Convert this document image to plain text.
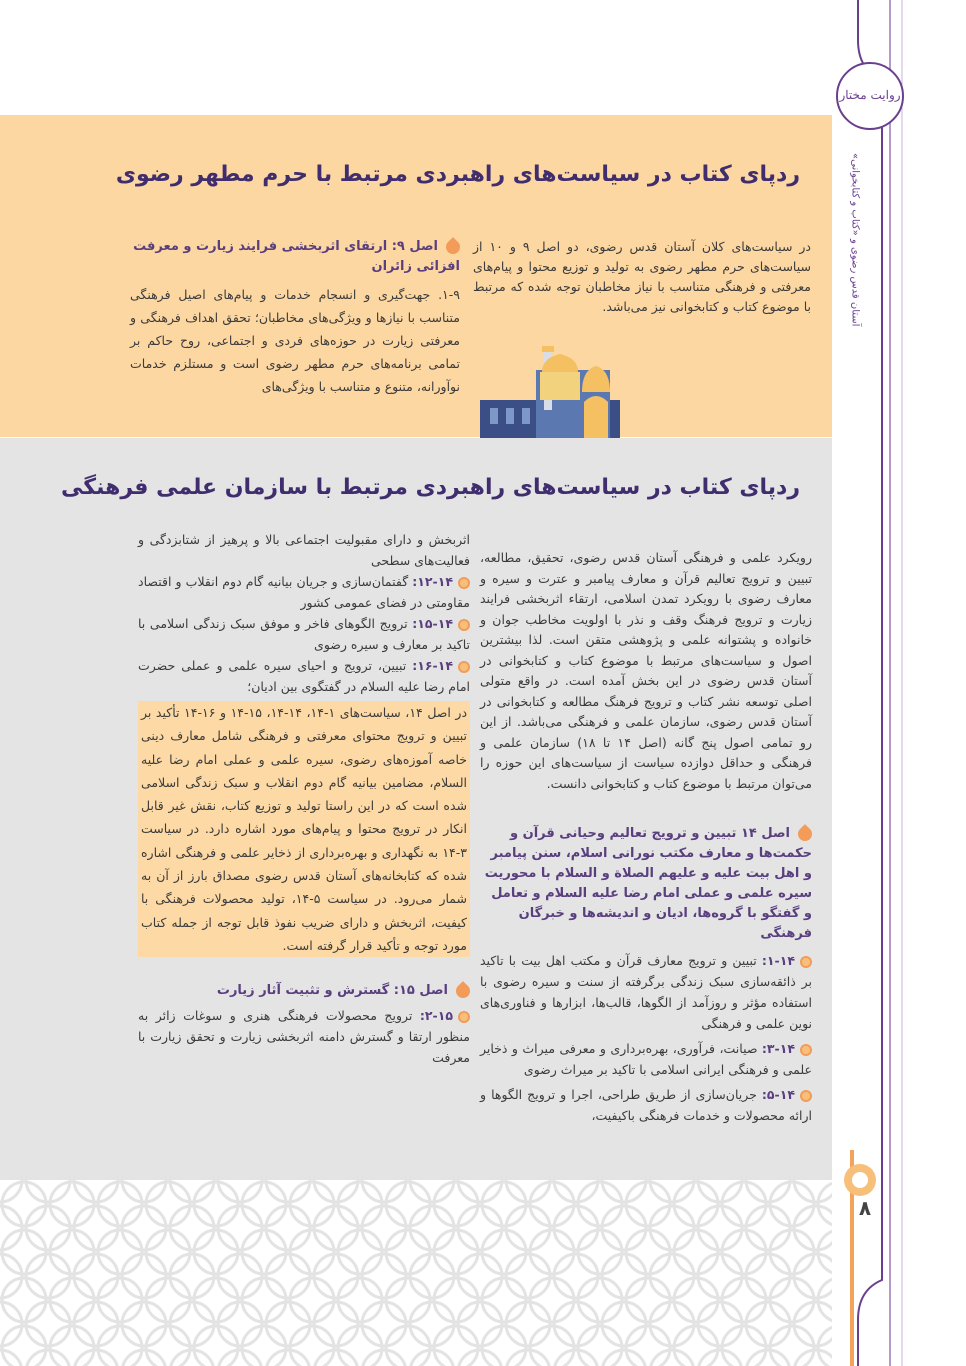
روایت مختار
آستان قدس رضوی و «کتاب و کتابخوانی»
۸
ردپای کتاب در سیاست‌های راهبردی مرتبط با حرم مطهر رضوی
در سیاست‌های کلان آستان قدس رضوی، دو اصل ۹ و ۱۰ از سیاست‌های حرم مطهر رضوی به تولید و توزیع محتوا و پیام‌های معرفتی و فرهنگی متناسب با نیاز مخاطبان توجه شده که مرتبط با موضوع کتاب و کتابخوانی نیز می‌باشد.
اصل ۹: ارتقای اثربخشی فرایند زیارت و معرفت افزائی زائران
۱-۹. جهت‌گیری و انسجام خدمات و پیام‌های اصیل فرهنگی متناسب با نیازها و ویژگی‌های مخاطبان؛ تحقق اهداف فرهنگی و معرفتی زیارت در حوزه‌های فردی و اجتماعی، روح حاکم بر تمامی برنامه‌های حرم مطهر رضوی است و مستلزم خدمات نوآورانه، متنوع و متناسب با ویژگی‌های
ردپای کتاب در سیاست‌های راهبردی مرتبط با سازمان علمی فرهنگی

رویکرد علمی و فرهنگی آستان قدس رضوی، تحقیق، مطالعه، تبیین و ترویج تعالیم قرآن و معارف پیامبر و عترت و سیره و معارف رضوی با رویکرد تمدن اسلامی، ارتقاء اثربخشی فرایند زیارت و ترویج فرهنگ وقف و نذر با اولویت مخاطب جوان و خانواده و پشتوانه علمی و پژوهشی متقن است. لذا بیشترین اصول و سیاست‌های مرتبط با موضوع کتاب و کتابخوانی در آستان قدس رضوی در این بخش آمده است. در واقع متولی اصلی توسعه نشر کتاب و ترویج فرهنگ مطالعه و کتابخوانی در آستان قدس رضوی، سازمان علمی و فرهنگی می‌باشد. از این رو تمامی اصول پنج گانه (اصل ۱۴ تا ۱۸) سازمان علمی و فرهنگی و حداقل دوازده سیاست از سیاست‌های این حوزه را می‌توان مرتبط با موضوع کتاب و کتابخوانی دانست.

اصل ۱۴ تبیین و ترویج تعالیم وحیانی قرآن و حکمت‌ها و معارف مکتب نورانی اسلام، سنن پیامبر و اهل بیت علیه و علیهم الصلاة و السلام با محوریت سیره علمی و عملی امام رضا علیه السلام و تعامل و گفتگو با گروه‌ها، ادیان و اندیشه‌ها و خبرگان فرهنگی

۱-۱۴: تبیین و ترویج معارف قرآن و مکتب اهل بیت با تاکید بر ذائقه‌سازی سبک زندگی برگرفته از سنت و سیره رضوی با استفاده مؤثر و روزآمد از الگوها، قالب‌ها، ابزارها و فناوری‌های نوین علمی و فرهنگی

۳-۱۴: صیانت، فرآوری، بهره‌برداری و معرفی میراث و ذخایر علمی و فرهنگی ایرانی اسلامی با تاکید بر میراث رضوی

۵-۱۴: جریان‌سازی از طریق طراحی، اجرا و ترویج الگوها و ارائه محصولات و خدمات فرهنگی باکیفیت،

اثربخش و دارای مقبولیت اجتماعی بالا و پرهیز از شتابزدگی و فعالیت‌های سطحی

۱۲-۱۴: گفتمان‌سازی و جریان بیانیه گام دوم انقلاب و اقتصاد مقاومتی در فضای عمومی کشور

۱۵-۱۴: ترویج الگوهای فاخر و موفق سبک زندگی اسلامی با تاکید بر معارف و سیره رضوی

۱۶-۱۴: تبیین، ترویج و احیای سیره علمی و عملی حضرت امام رضا علیه السلام در گفتگوی بین ادیان؛

در اصل ۱۴، سیاست‌های ۱-۱۴، ۱۴-۱۴، ۱۵-۱۴ و ۱۶-۱۴ تأکید بر تبیین و ترویج محتوای معرفتی و فرهنگی شامل معارف دینی خاصه آموزه‌های رضوی، سیره علمی و عملی امام رضا علیه السلام، مضامین بیانیه گام دوم انقلاب و سبک زندگی اسلامی شده است که در این راستا تولید و توزیع کتاب، نقش غیر قابل انکار در ترویج محتوا و پیام‌های مورد اشاره دارد. در سیاست ۳-۱۴ به نگهداری و بهره‌برداری از ذخایر علمی و فرهنگی اشاره شده که کتابخانه‌های آستان قدس رضوی مصداق بارز از آن به شمار می‌رود. در سیاست ۵-۱۴، تولید محصولات فرهنگی با کیفیت، اثربخش و دارای ضریب نفوذ قابل توجه از جمله کتاب مورد توجه و تأکید قرار گرفته است.
اصل ۱۵: گسترش و تثبیت آثار زیارت

۲-۱۵: ترویج محصولات فرهنگی هنری و سوغات زائر به منظور ارتقا و گسترش دامنه اثربخشی زیارت و تحقق زیارت با معرفت
